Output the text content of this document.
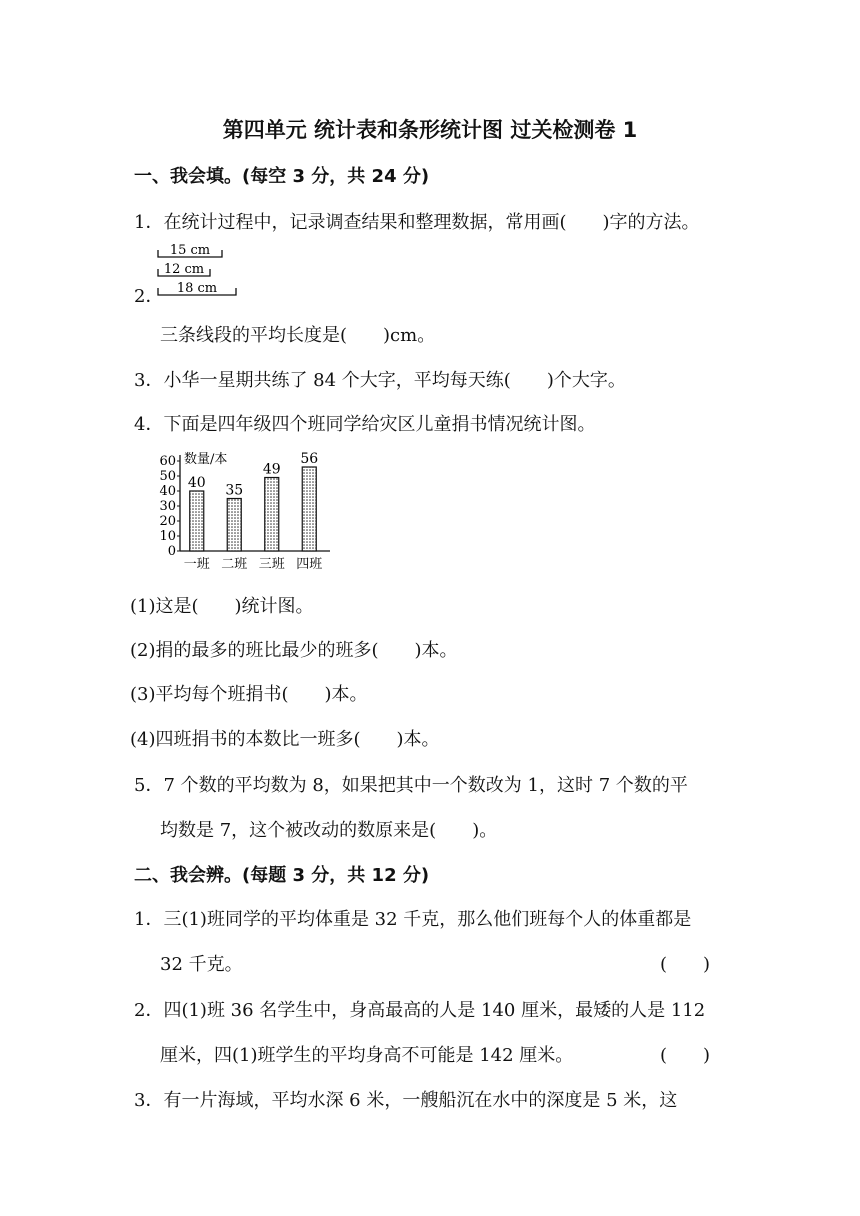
第四单元 统计表和条形统计图 过关检测卷 1
一、我会填。(每空 3 分，共 24 分)
1．在统计过程中，记录调查结果和整理数据，常用画(　　)字的方法。
2．
15 cm
12 cm
18 cm
三条线段的平均长度是(　　)cm。
3．小华一星期共练了 84 个大字，平均每天练(　　)个大字。
4．下面是四年级四个班同学给灾区儿童捐书情况统计图。
数量/本
0
10
20
30
40
50
60
40 35
49
56
一班 二班 三班 四班
(1)这是(　　)统计图。
(2)捐的最多的班比最少的班多(　　)本。
(3)平均每个班捐书(　　)本。
(4)四班捐书的本数比一班多(　　)本。
5．7 个数的平均数为 8，如果把其中一个数改为 1，这时 7 个数的平
均数是 7，这个被改动的数原来是(　　)。
二、我会辨。(每题 3 分，共 12 分)
1．三(1)班同学的平均体重是 32 千克，那么他们班每个人的体重都是
32 千克。	(　　)
2．四(1)班 36 名学生中，身高最高的人是 140 厘米，最矮的人是 112
厘米，四(1)班学生的平均身高不可能是 142 厘米。	(　　)
3．有一片海域，平均水深 6 米，一艘船沉在水中的深度是 5 米，这
